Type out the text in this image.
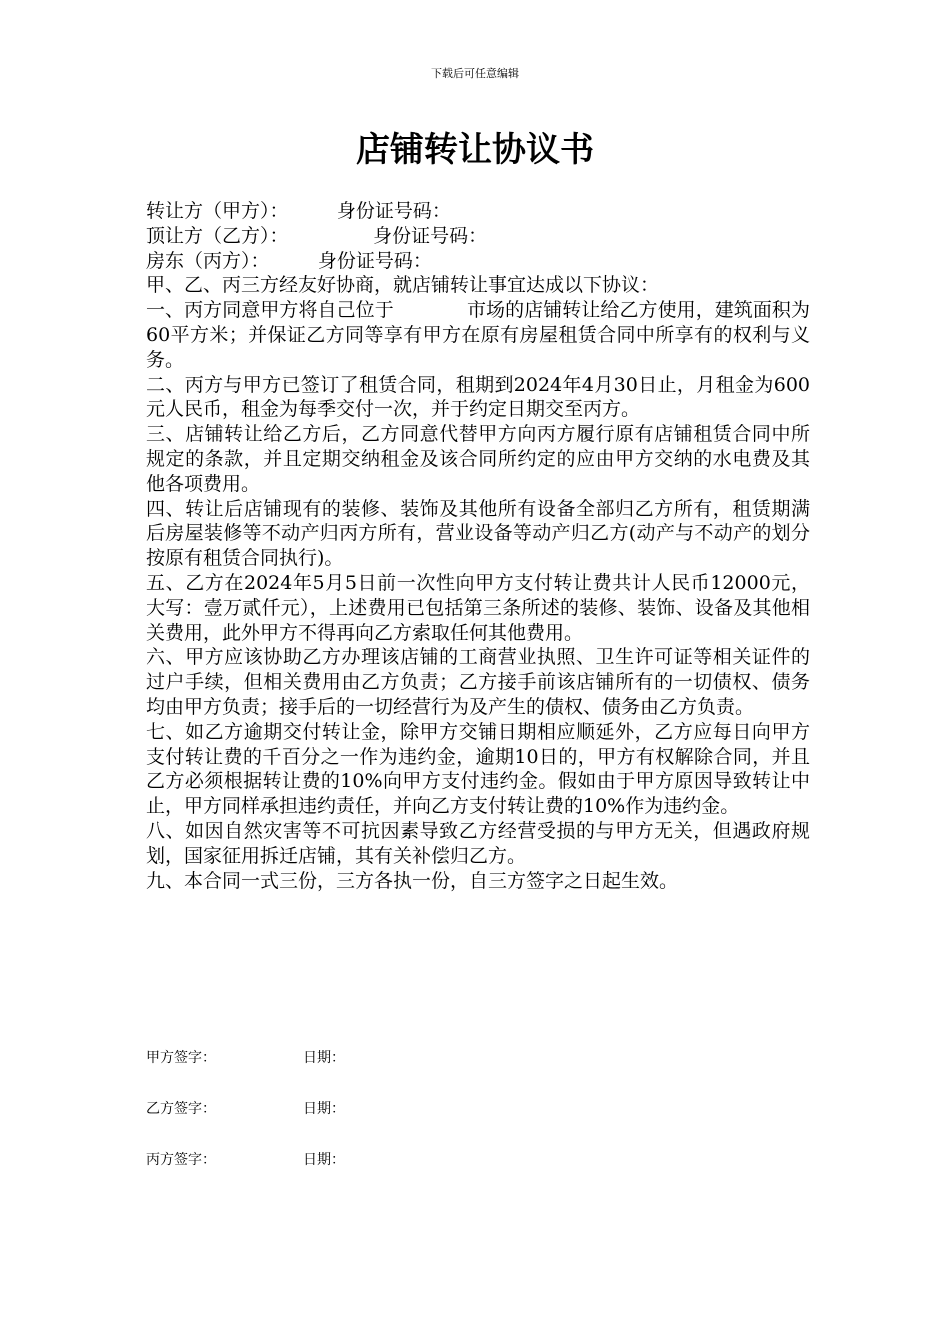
下载后可任意编辑
店铺转让协议书

转让方（甲方）：	身份证号码：

顶让方（乙方）：	身份证号码：

房东（丙方）：	身份证号码：

甲、乙、丙三方经友好协商，就店铺转让事宜达成以下协议：

一、丙方同意甲方将自己位于            市场的店铺转让给乙方使用，建筑面积为60平方米；并保证乙方同等享有甲方在原有房屋租赁合同中所享有的权利与义务。

二、丙方与甲方已签订了租赁合同，租期到2024年4月30日止，月租金为600    元人民币，租金为每季交付一次，并于约定日期交至丙方。

三、店铺转让给乙方后，乙方同意代替甲方向丙方履行原有店铺租赁合同中所规定的条款，并且定期交纳租金及该合同所约定的应由甲方交纳的水电费及其他各项费用。

四、转让后店铺现有的装修、装饰及其他所有设备全部归乙方所有，租赁期满后房屋装修等不动产归丙方所有，营业设备等动产归乙方(动产与不动产的划分按原有租赁合同执行)。

五、乙方在2024年5月5日前一次性向甲方支付转让费共计人民币12000元，大写：壹万贰仟元），上述费用已包括第三条所述的装修、装饰、设备及其他相关费用，此外甲方不得再向乙方索取任何其他费用。

六、甲方应该协助乙方办理该店铺的工商营业执照、卫生许可证等相关证件的过户手续，但相关费用由乙方负责；乙方接手前该店铺所有的一切债权、债务均由甲方负责；接手后的一切经营行为及产生的债权、债务由乙方负责。

七、如乙方逾期交付转让金，除甲方交铺日期相应顺延外，乙方应每日向甲方支付转让费的千百分之一作为违约金，逾期10日的，甲方有权解除合同，并且乙方必须根据转让费的10%向甲方支付违约金。假如由于甲方原因导致转让中止，甲方同样承担违约责任，并向乙方支付转让费的10%作为违约金。

八、如因自然灾害等不可抗因素导致乙方经营受损的与甲方无关，但遇政府规划，国家征用拆迁店铺，其有关补偿归乙方。

九、本合同一式三份，三方各执一份，自三方签字之日起生效。

甲方签字：	日期：
乙方签字：	日期：
丙方签字：	日期：
